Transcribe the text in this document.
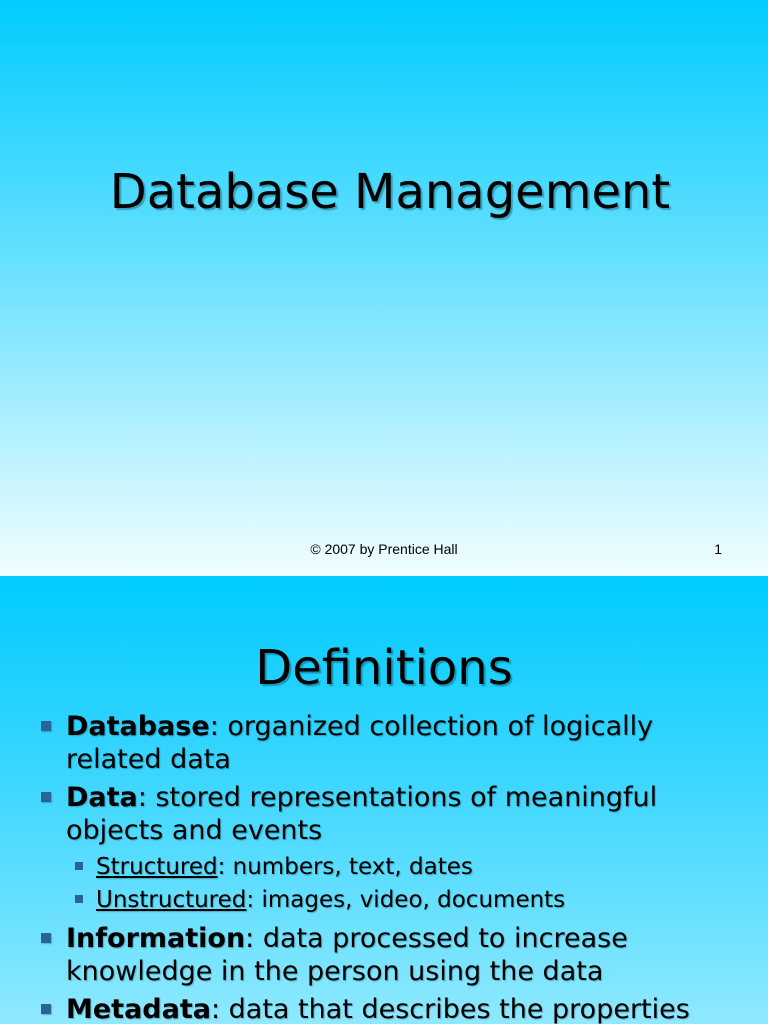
Database Management
© 2007 by Prentice Hall	1
Definitions
Database: organized collection of logically related data
Data: stored representations of meaningful objects and events
Structured: numbers, text, dates
Unstructured: images, video, documents
Information: data processed to increase knowledge in the person using the data
Metadata: data that describes the properties
